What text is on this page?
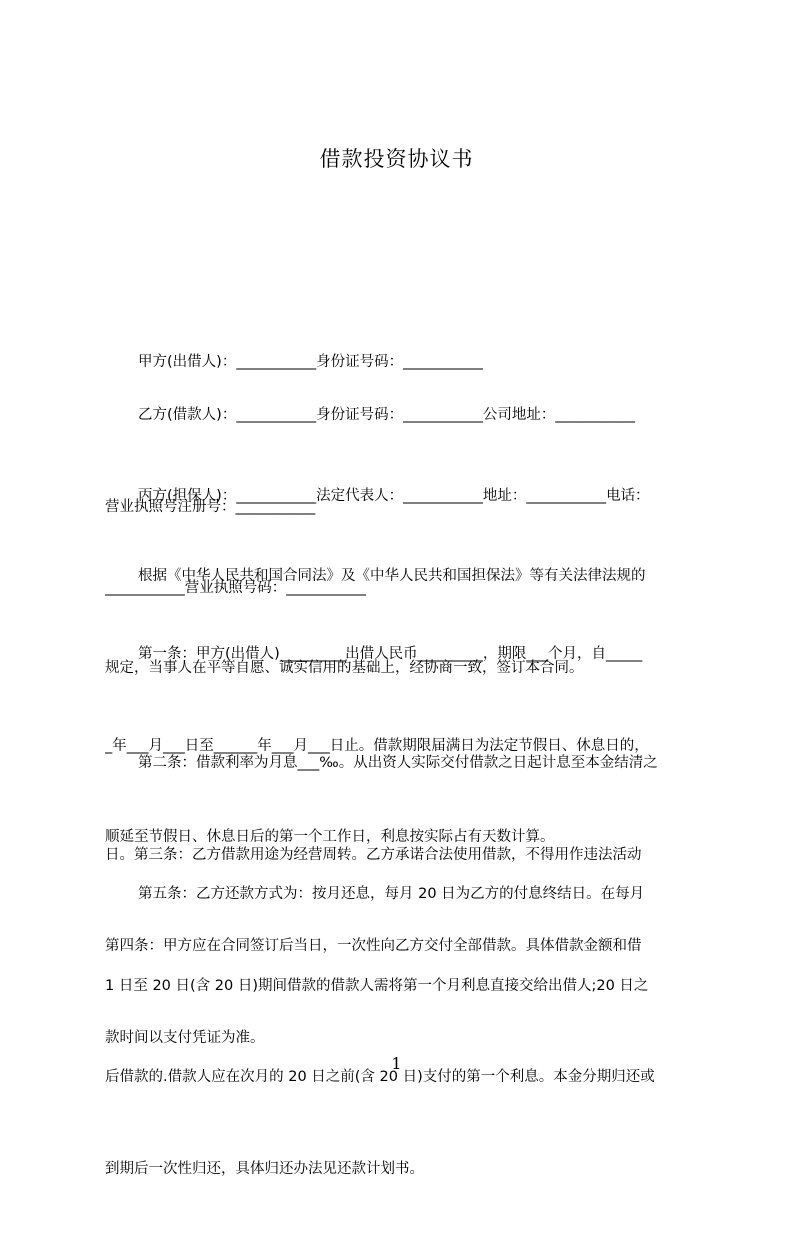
借款投资协议书

甲方(出借人)：___________身份证号码：___________

乙方(借款人)：___________身份证号码：___________公司地址：___________

营业执照号注册号：___________

丙方(担保人)：___________法定代表人：___________地址：___________电话：

___________营业执照号码：___________

根据《中华人民共和国合同法》及《中华人民共和国担保法》等有关法律法规的

规定，当事人在平等自愿、诚实信用的基础上，经协商一致，签订本合同。

第一条：甲方(出借人)_________出借人民币_________，期限___个月，自_____

_年___月___日至______年___月___日止。借款期限届满日为法定节假日、休息日的，

顺延至节假日、休息日后的第一个工作日，利息按实际占有天数计算。

第二条：借款利率为月息___‰。从出资人实际交付借款之日起计息至本金结清之

日。第三条：乙方借款用途为经营周转。乙方承诺合法使用借款，不得用作违法活动

第四条：甲方应在合同签订后当日，一次性向乙方交付全部借款。具体借款金额和借

款时间以支付凭证为准。

第五条：乙方还款方式为：按月还息，每月 20 日为乙方的付息终结日。在每月

1 日至 20 日(含 20 日)期间借款的借款人需将第一个月利息直接交给出借人;20 日之

后借款的.借款人应在次月的 20 日之前(含 20 日)支付的第一个利息。本金分期归还或

到期后一次性归还，具体归还办法见还款计划书。

1
